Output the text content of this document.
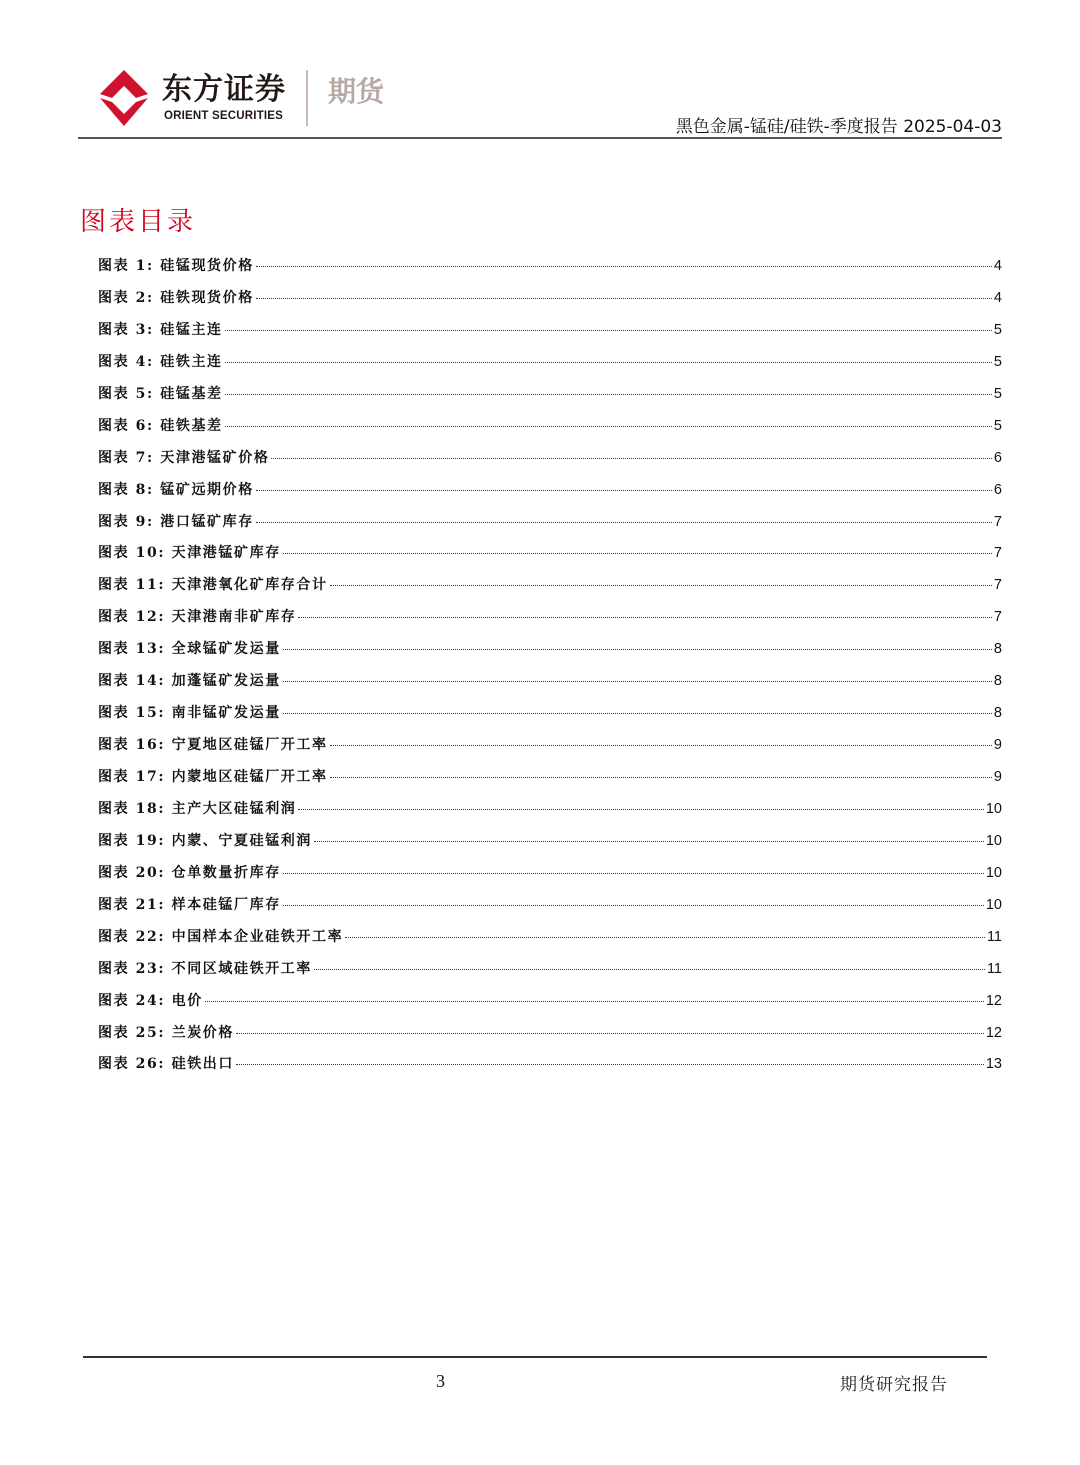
东方证券
ORIENT SECURITIES
期货
黑色金属-锰硅/硅铁-季度报告 2025-04-03
图表目录
图表 1: 硅锰现货价格	4
图表 2: 硅铁现货价格	4
图表 3: 硅锰主连	5
图表 4: 硅铁主连	5
图表 5: 硅锰基差	5
图表 6: 硅铁基差	5
图表 7: 天津港锰矿价格	6
图表 8: 锰矿远期价格	6
图表 9: 港口锰矿库存	7
图表 10: 天津港锰矿库存	7
图表 11: 天津港氧化矿库存合计	7
图表 12: 天津港南非矿库存	7
图表 13: 全球锰矿发运量	8
图表 14: 加蓬锰矿发运量	8
图表 15: 南非锰矿发运量	8
图表 16: 宁夏地区硅锰厂开工率	9
图表 17: 内蒙地区硅锰厂开工率	9
图表 18: 主产大区硅锰利润	10
图表 19: 内蒙、宁夏硅锰利润	10
图表 20: 仓单数量折库存	10
图表 21: 样本硅锰厂库存	10
图表 22: 中国样本企业硅铁开工率	11
图表 23: 不同区域硅铁开工率	11
图表 24: 电价	12
图表 25: 兰炭价格	12
图表 26: 硅铁出口	13
3	期货研究报告
